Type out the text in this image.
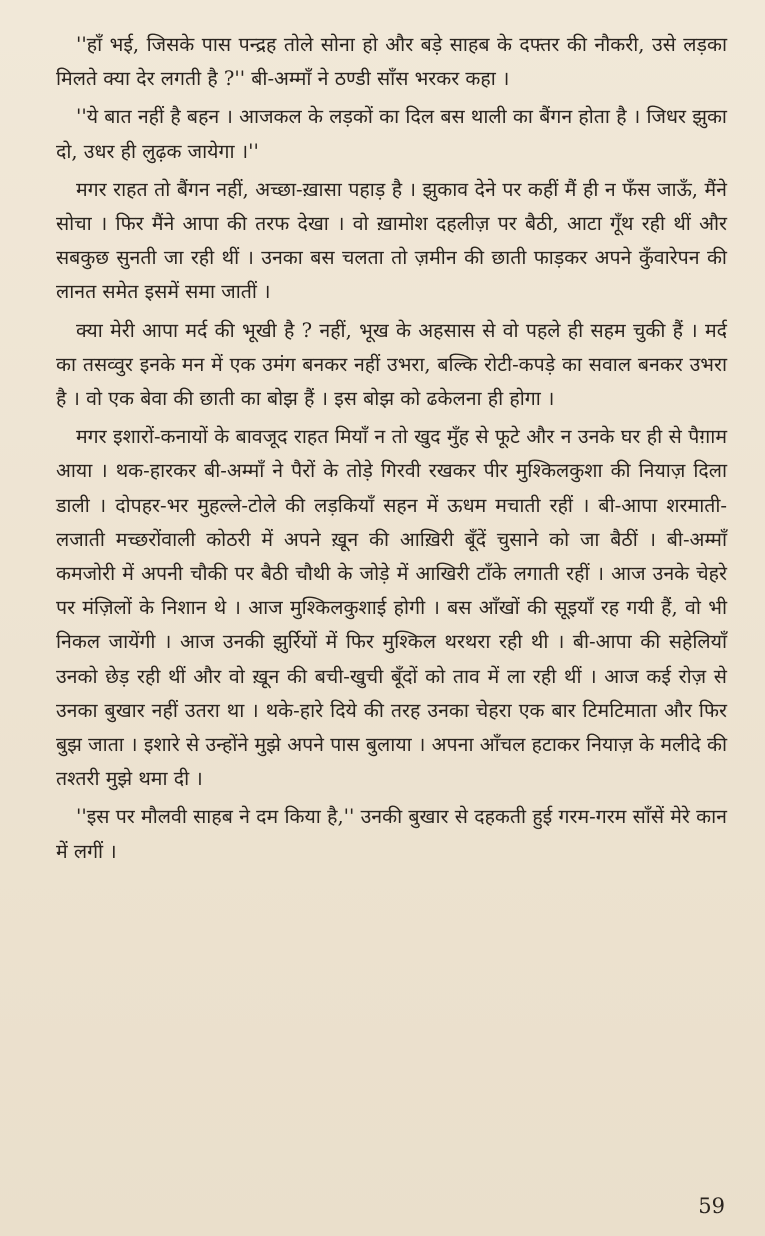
''हाँ भई, जिसके पास पन्द्रह तोले सोना हो और बड़े साहब के दफ्तर की नौकरी, उसे लड़का मिलते क्या देर लगती है ?'' बी-अम्माँ ने ठण्डी साँस भरकर कहा ।

''ये बात नहीं है बहन । आजकल के लड़कों का दिल बस थाली का बैंगन होता है । जिधर झुका दो, उधर ही लुढ़क जायेगा ।''

मगर राहत तो बैंगन नहीं, अच्छा-ख़ासा पहाड़ है । झुकाव देने पर कहीं मैं ही न फँस जाऊँ, मैंने सोचा । फिर मैंने आपा की तरफ देखा । वो ख़ामोश दहलीज़ पर बैठी, आटा गूँथ रही थीं और सबकुछ सुनती जा रही थीं । उनका बस चलता तो ज़मीन की छाती फाड़कर अपने कुँवारेपन की लानत समेत इसमें समा जातीं ।

क्या मेरी आपा मर्द की भूखी है ? नहीं, भूख के अहसास से वो पहले ही सहम चुकी हैं । मर्द का तसव्वुर इनके मन में एक उमंग बनकर नहीं उभरा, बल्कि रोटी-कपड़े का सवाल बनकर उभरा है । वो एक बेवा की छाती का बोझ हैं । इस बोझ को ढकेलना ही होगा ।

मगर इशारों-कनायों के बावजूद राहत मियाँ न तो खुद मुँह से फूटे और न उनके घर ही से पैग़ाम आया । थक-हारकर बी-अम्माँ ने पैरों के तोड़े गिरवी रखकर पीर मुश्किलकुशा की नियाज़ दिला डाली । दोपहर-भर मुहल्ले-टोले की लड़कियाँ सहन में ऊधम मचाती रहीं । बी-आपा शरमाती-लजाती मच्छरोंवाली कोठरी में अपने ख़ून की आख़िरी बूँदें चुसाने को जा बैठीं । बी-अम्माँ कमजोरी में अपनी चौकी पर बैठी चौथी के जोड़े में आखिरी टाँके लगाती रहीं । आज उनके चेहरे पर मंज़िलों के निशान थे । आज मुश्किलकुशाई होगी । बस आँखों की सूइयाँ रह गयी हैं, वो भी निकल जायेंगी । आज उनकी झुर्रियों में फिर मुश्किल थरथरा रही थी । बी-आपा की सहेलियाँ उनको छेड़ रही थीं और वो ख़ून की बची-खुची बूँदों को ताव में ला रही थीं । आज कई रोज़ से उनका बुखार नहीं उतरा था । थके-हारे दिये की तरह उनका चेहरा एक बार टिमटिमाता और फिर बुझ जाता । इशारे से उन्होंने मुझे अपने पास बुलाया । अपना आँचल हटाकर नियाज़ के मलीदे की तश्तरी मुझे थमा दी ।

''इस पर मौलवी साहब ने दम किया है,'' उनकी बुखार से दहकती हुई गरम-गरम साँसें मेरे कान में लगीं ।

59
